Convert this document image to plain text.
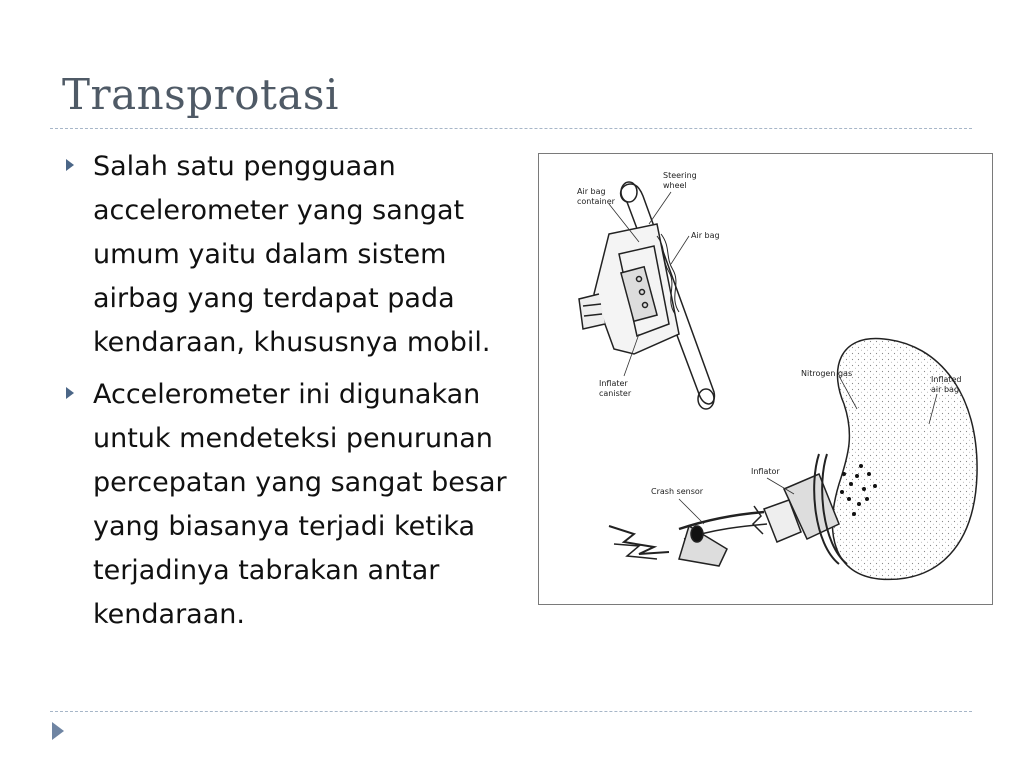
Transprotasi
Salah satu pengguaan
accelerometer yang sangat
umum yaitu dalam sistem
airbag yang terdapat pada
kendaraan, khususnya mobil.
Accelerometer ini digunakan
untuk mendeteksi penurunan
percepatan yang sangat besar
yang biasanya terjadi ketika
terjadinya tabrakan antar
kendaraan.
Steering
wheel
Air bag
container
Air bag
Inflater
canister
Nitrogen gas
Inflated
air bag
Inflator
Crash sensor
